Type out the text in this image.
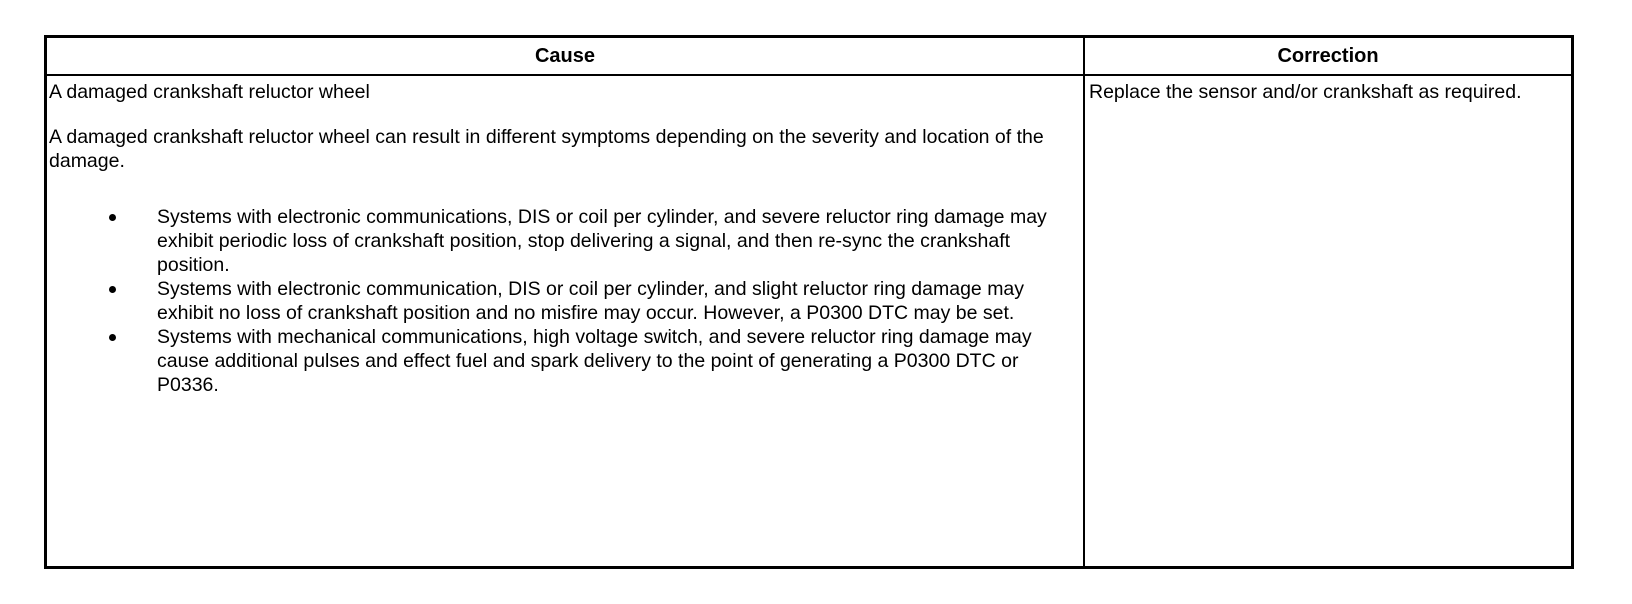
Cause	Correction

A damaged crankshaft reluctor wheel

A damaged crankshaft reluctor wheel can result in different symptoms depending on the severity and location of the damage.

Systems with electronic communications, DIS or coil per cylinder, and severe reluctor ring damage may exhibit periodic loss of crankshaft position, stop delivering a signal, and then re-sync the crankshaft position.
Systems with electronic communication, DIS or coil per cylinder, and slight reluctor ring damage may exhibit no loss of crankshaft position and no misfire may occur. However, a P0300 DTC may be set.
Systems with mechanical communications, high voltage switch, and severe reluctor ring damage may cause additional pulses and effect fuel and spark delivery to the point of generating a P0300 DTC or P0336.
Replace the sensor and/or crankshaft as required.
